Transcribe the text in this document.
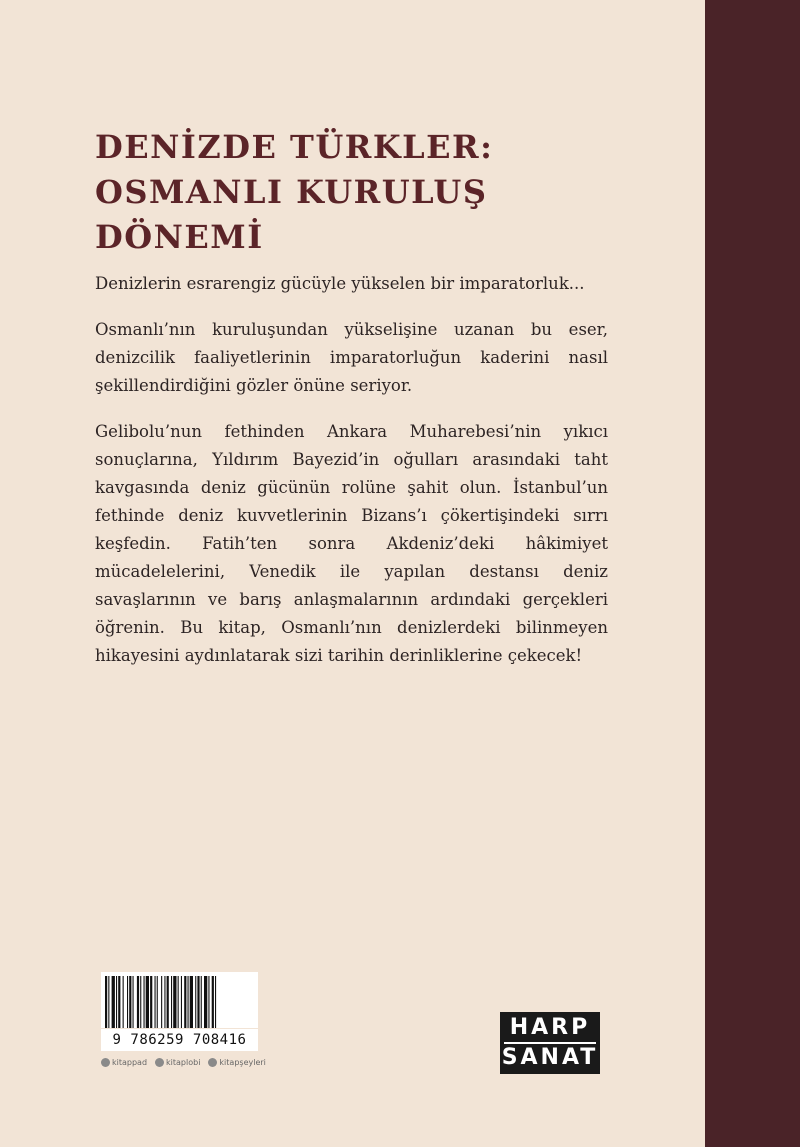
DENİZDE TÜRKLER:
OSMANLI KURULUŞ
DÖNEMİ

Denizlerin esrarengiz gücüyle yükselen bir imparatorluk...

Osmanlı’nın kuruluşundan yükselişine uzanan bu eser, denizcilik faaliyetlerinin imparatorluğun kaderini nasıl şekillendirdiğini gözler önüne seriyor.

Gelibolu’nun fethinden Ankara Muharebesi’nin yıkıcı sonuçlarına, Yıldırım Bayezid’in oğulları arasındaki taht kavgasında deniz gücünün rolüne şahit olun. İstanbul’un fethinde deniz kuvvetlerinin Bizans’ı çökertişindeki sırrı keşfedin. Fatih’ten sonra Akdeniz’deki hâkimiyet mücadelelerini, Venedik ile yapılan destansı deniz savaşlarının ve barış anlaşmalarının ardındaki gerçekleri öğrenin. Bu kitap, Osmanlı’nın denizlerdeki bilinmeyen hikayesini aydınlatarak sizi tarihin derinliklerine çekecek!

9 786259 708416
kitappad kitaplobi kitapşeyleri
HARP
SANAT
